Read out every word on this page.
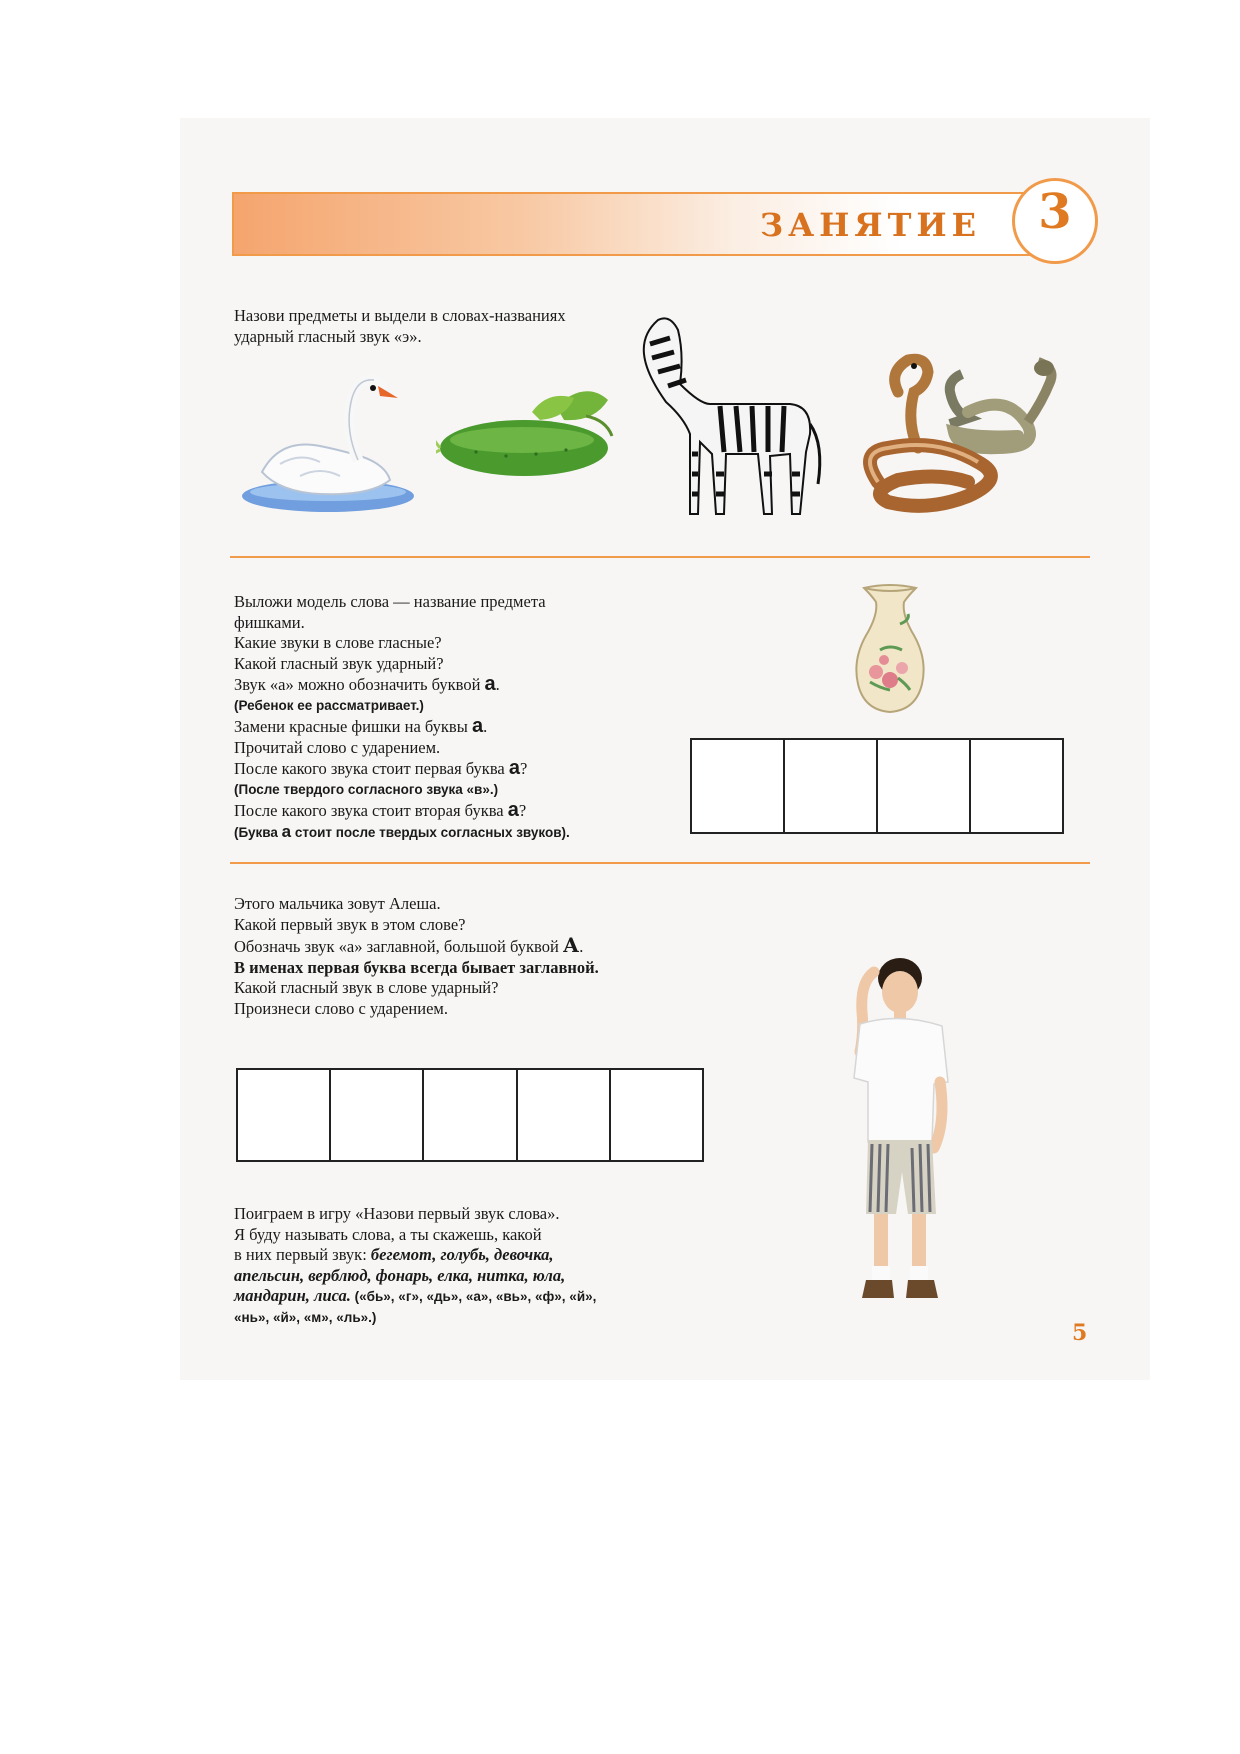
ЗАНЯТИЕ	3

Назови предметы и выдели в словах-названиях

ударный гласный звук «э».

Выложи модель слова — название предмета

фишками.

Какие звуки в слове гласные?

Какой гласный звук ударный?

Звук «а» можно обозначить буквой а.

(Ребенок ее рассматривает.)

Замени красные фишки на буквы а.

Прочитай слово с ударением.

После какого звука стоит первая буква а?

(После твердого согласного звука «в».)

После какого звука стоит вторая буква а?

(Буква а стоит после твердых согласных звуков).

Этого мальчика зовут Алеша.

Какой первый звук в этом слове?

Обозначь звук «а» заглавной, большой буквой А.

В именах первая буква всегда бывает заглавной.

Какой гласный звук в слове ударный?

Произнеси слово с ударением.

Поиграем в игру «Назови первый звук слова».

Я буду называть слова, а ты скажешь, какой

в них первый звук: бегемот, голубь, девочка,

апельсин, верблюд, фонарь, елка, нитка, юла,

мандарин, лиса. («бь», «г», «дь», «а», «вь», «ф», «й»,

«нь», «й», «м», «ль».)

5
